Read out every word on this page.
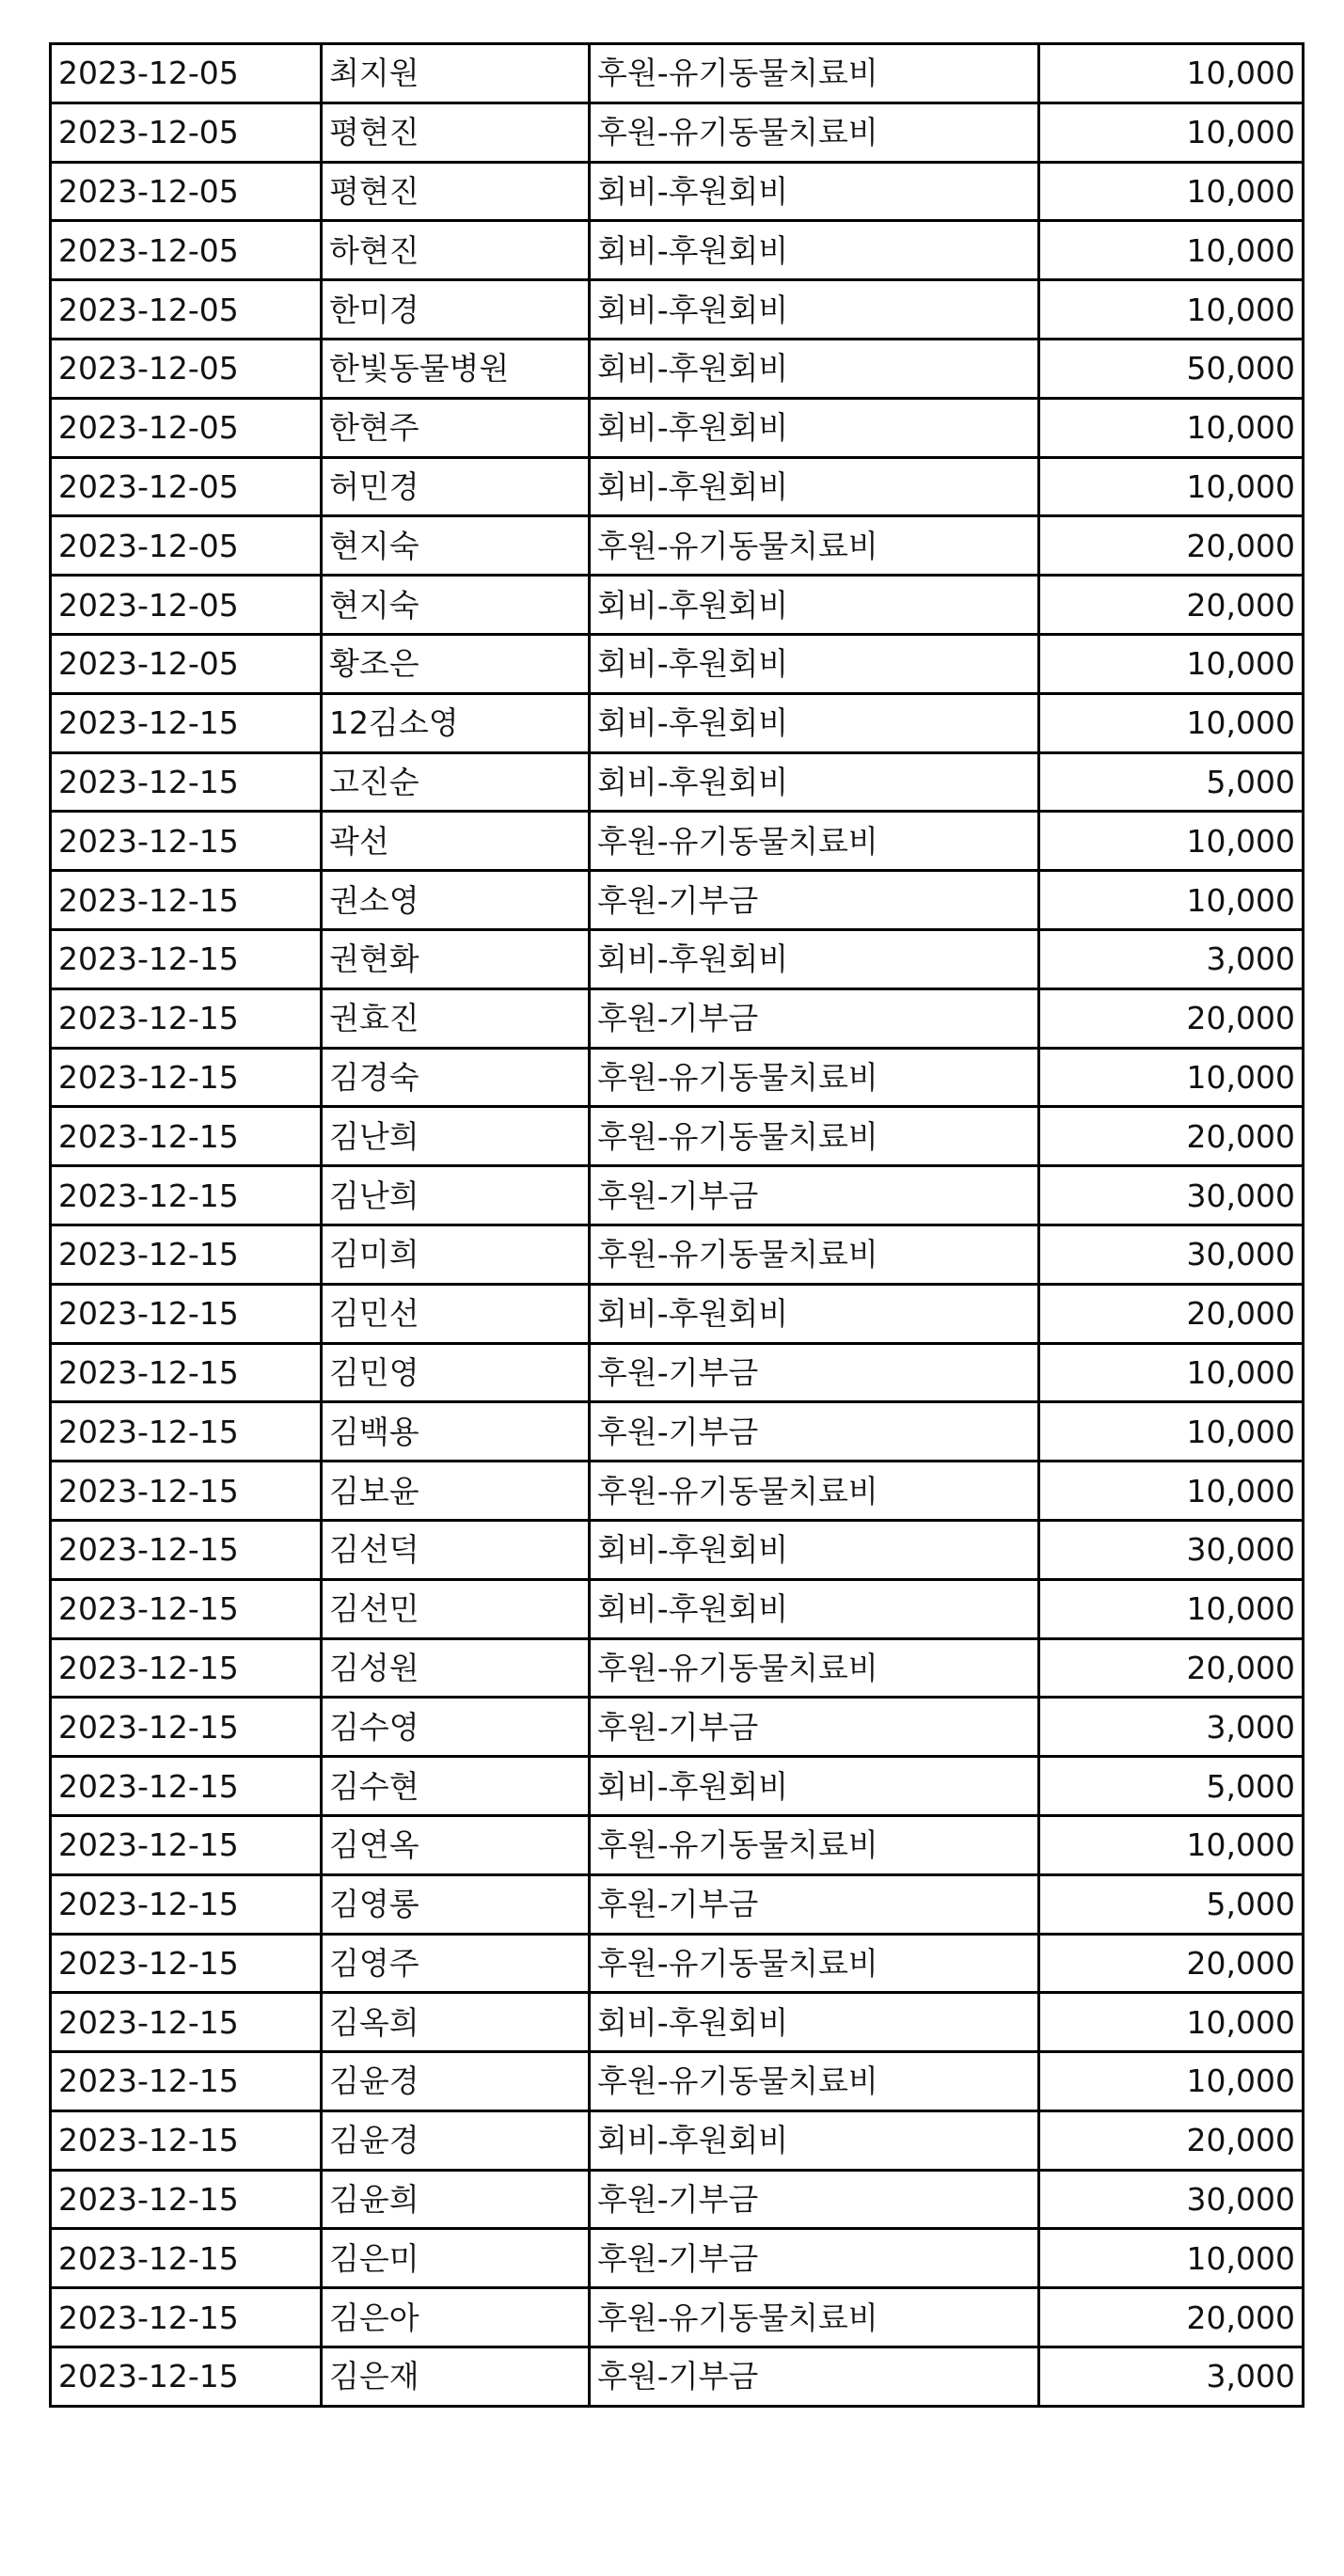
2023-12-05	최지원	후원-유기동물치료비	10,000
2023-12-05	평현진	후원-유기동물치료비	10,000
2023-12-05	평현진	회비-후원회비	10,000
2023-12-05	하현진	회비-후원회비	10,000
2023-12-05	한미경	회비-후원회비	10,000
2023-12-05	한빛동물병원	회비-후원회비	50,000
2023-12-05	한현주	회비-후원회비	10,000
2023-12-05	허민경	회비-후원회비	10,000
2023-12-05	현지숙	후원-유기동물치료비	20,000
2023-12-05	현지숙	회비-후원회비	20,000
2023-12-05	황조은	회비-후원회비	10,000
2023-12-15	12김소영	회비-후원회비	10,000
2023-12-15	고진순	회비-후원회비	5,000
2023-12-15	곽선	후원-유기동물치료비	10,000
2023-12-15	권소영	후원-기부금	10,000
2023-12-15	권현화	회비-후원회비	3,000
2023-12-15	권효진	후원-기부금	20,000
2023-12-15	김경숙	후원-유기동물치료비	10,000
2023-12-15	김난희	후원-유기동물치료비	20,000
2023-12-15	김난희	후원-기부금	30,000
2023-12-15	김미희	후원-유기동물치료비	30,000
2023-12-15	김민선	회비-후원회비	20,000
2023-12-15	김민영	후원-기부금	10,000
2023-12-15	김백용	후원-기부금	10,000
2023-12-15	김보윤	후원-유기동물치료비	10,000
2023-12-15	김선덕	회비-후원회비	30,000
2023-12-15	김선민	회비-후원회비	10,000
2023-12-15	김성원	후원-유기동물치료비	20,000
2023-12-15	김수영	후원-기부금	3,000
2023-12-15	김수현	회비-후원회비	5,000
2023-12-15	김연옥	후원-유기동물치료비	10,000
2023-12-15	김영롱	후원-기부금	5,000
2023-12-15	김영주	후원-유기동물치료비	20,000
2023-12-15	김옥희	회비-후원회비	10,000
2023-12-15	김윤경	후원-유기동물치료비	10,000
2023-12-15	김윤경	회비-후원회비	20,000
2023-12-15	김윤희	후원-기부금	30,000
2023-12-15	김은미	후원-기부금	10,000
2023-12-15	김은아	후원-유기동물치료비	20,000
2023-12-15	김은재	후원-기부금	3,000
